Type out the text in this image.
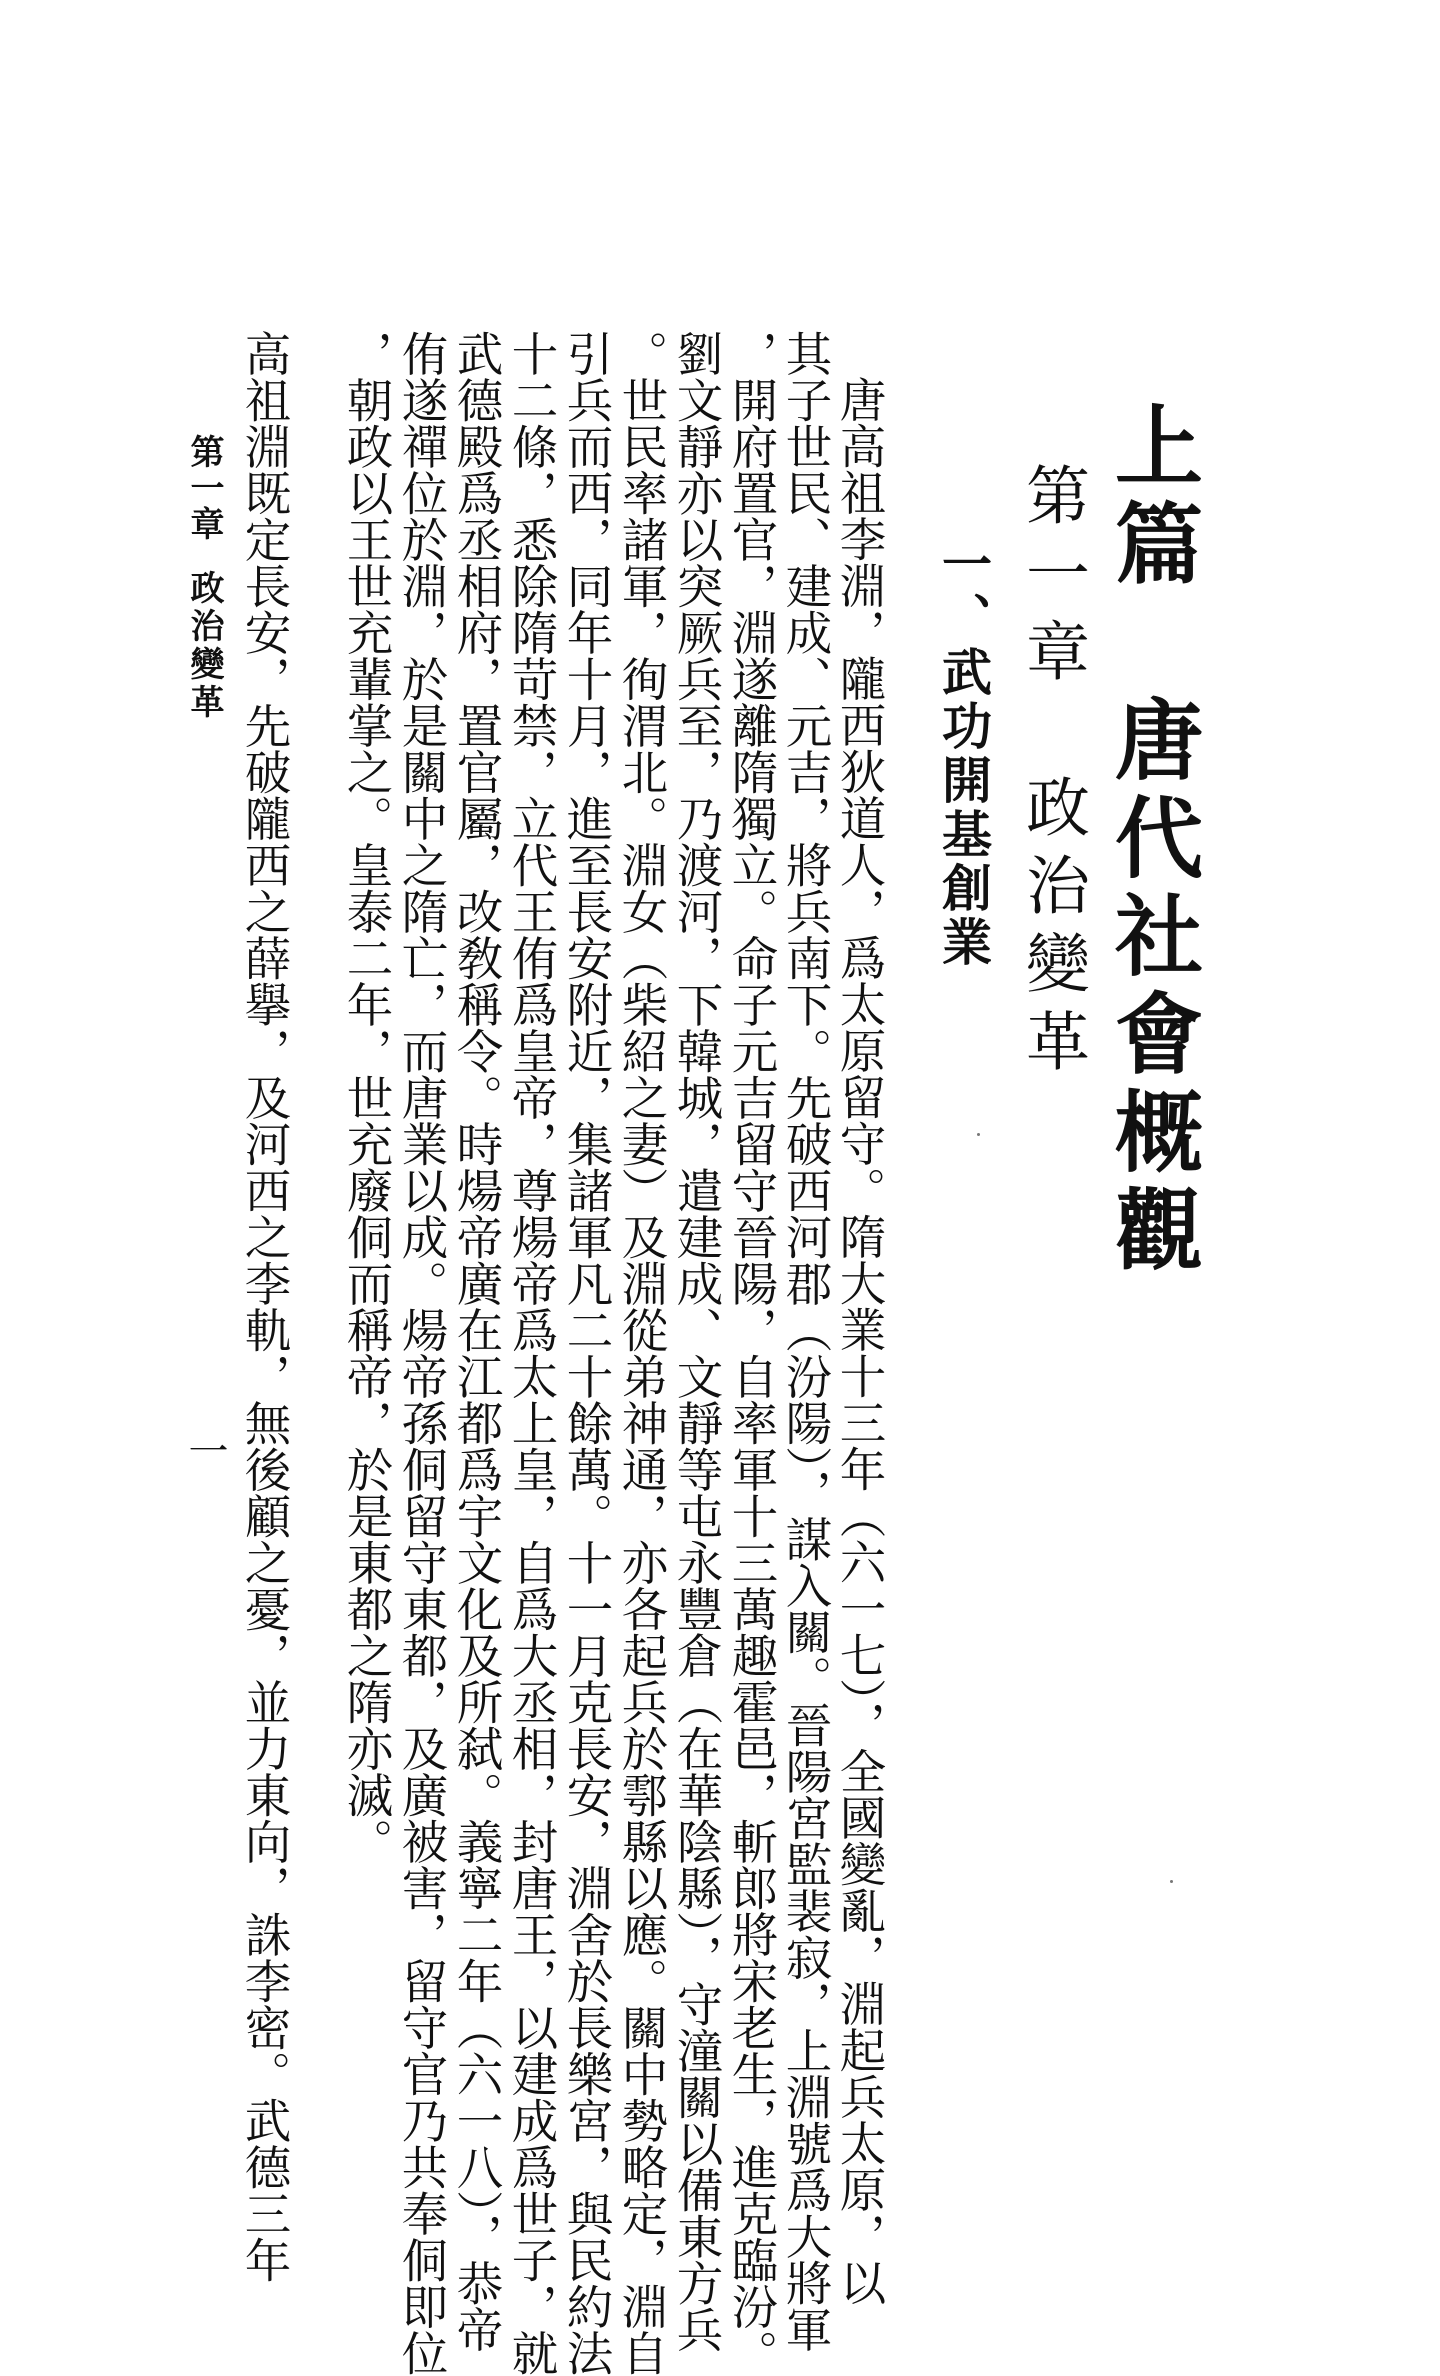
上篇　唐代社會概觀
第一章　政治變革
一、武功開基創業
唐高祖李淵，隴西狄道人，爲太原留守。隋大業十三年（六一七），全國變亂，淵起兵太原，以
其子世民、建成、元吉，將兵南下。先破西河郡（汾陽），謀入關。晉陽宮監裴寂，上淵號爲大將軍
，開府置官，淵遂離隋獨立。命子元吉留守晉陽，自率軍十三萬趣霍邑，斬郎將宋老生，進克臨汾。
劉文靜亦以突厥兵至，乃渡河，下韓城，遣建成、文靜等屯永豐倉（在華陰縣），守潼關以備東方兵
。世民率諸軍，徇渭北。淵女（柴紹之妻）及淵從弟神通，亦各起兵於鄠縣以應。關中勢略定，淵自
引兵而西，同年十月，進至長安附近，集諸軍凡二十餘萬。十一月克長安，淵舍於長樂宮，與民約法
十二條，悉除隋苛禁，立代王侑爲皇帝，尊煬帝爲太上皇，自爲大丞相，封唐王，以建成爲世子，就
武德殿爲丞相府，置官屬，改敎稱令。時煬帝廣在江都爲宇文化及所弑。義寧二年（六一八），恭帝
侑遂禪位於淵，於是關中之隋亡，而唐業以成。煬帝孫侗留守東都，及廣被害，留守官乃共奉侗即位
，朝政以王世充輩掌之。皇泰二年，世充廢侗而稱帝，於是東都之隋亦滅。
高祖淵既定長安，先破隴西之薛擧，及河西之李軌，無後顧之憂，並力東向，誅李密。武德三年
第一章政治變革
一
